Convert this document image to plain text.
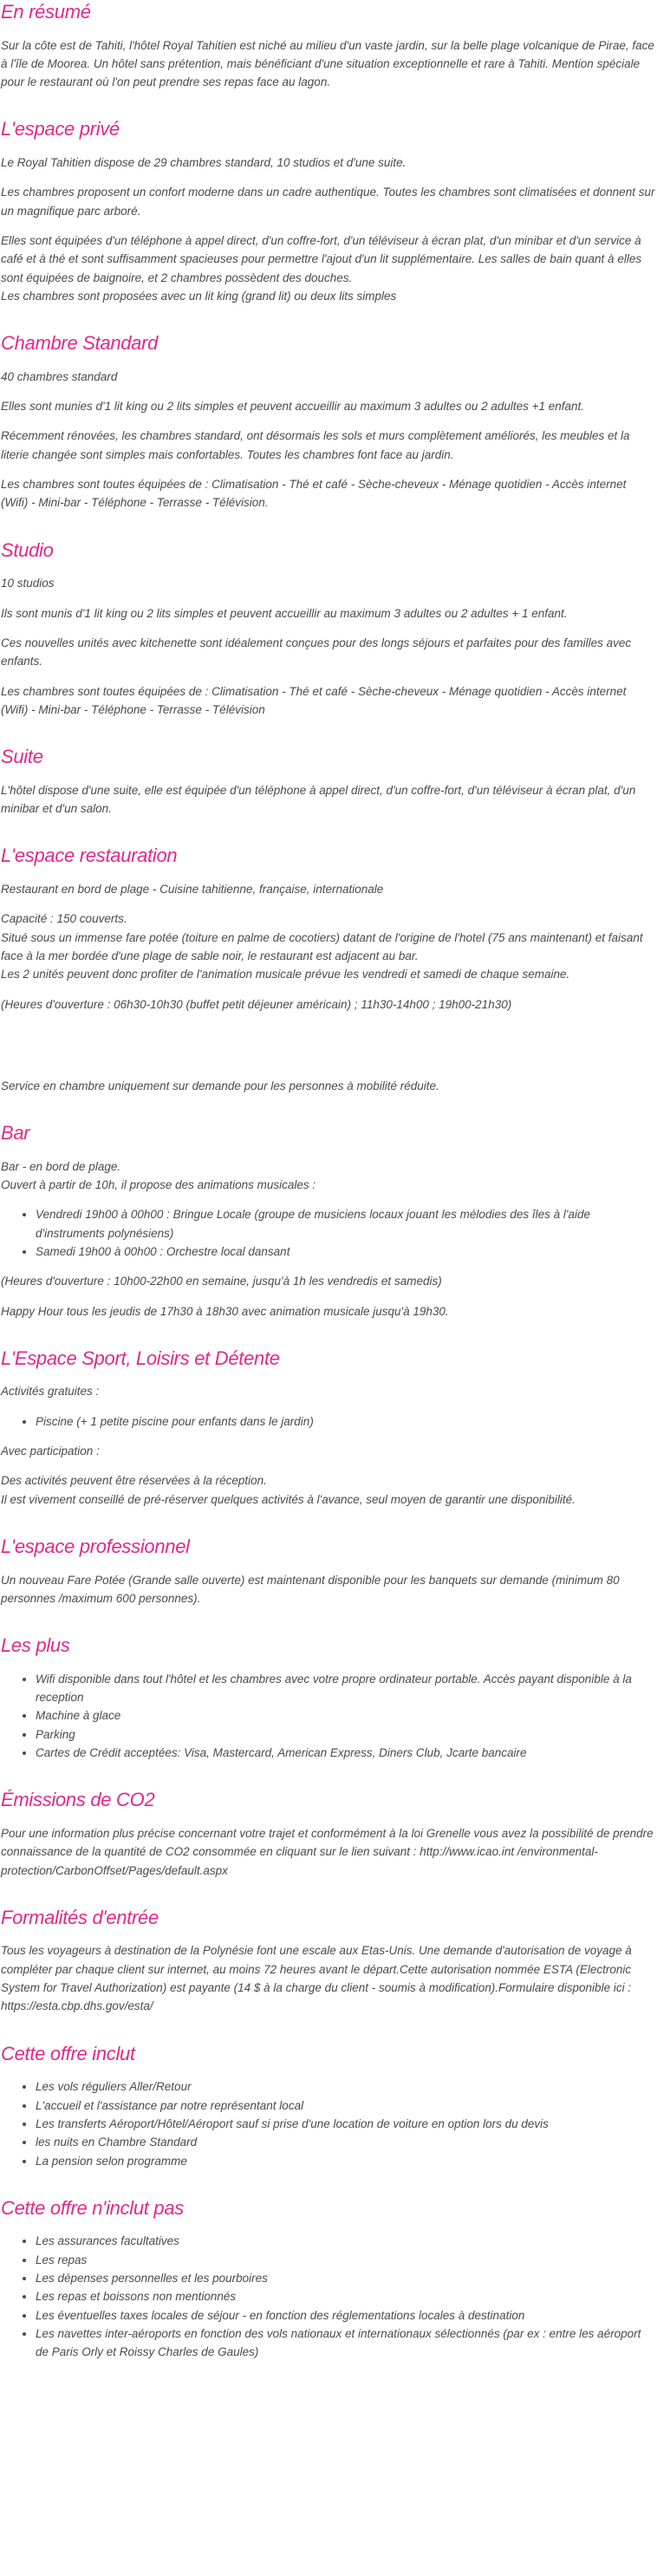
En résumé

Sur la côte est de Tahiti, l'hôtel Royal Tahitien est niché au milieu d'un vaste jardin, sur la belle plage volcanique de Pirae, face à l'île de Moorea. Un hôtel sans prétention, mais bénéficiant d'une situation exceptionnelle et rare à Tahiti. Mention spéciale pour le restaurant où l'on peut prendre ses repas face au lagon.

L'espace privé

Le Royal Tahitien dispose de 29 chambres standard, 10 studios et d'une suite.

Les chambres proposent un confort moderne dans un cadre authentique. Toutes les chambres sont climatisées et donnent sur un magnifique parc arboré.

Elles sont équipées d'un téléphone à appel direct, d'un coffre-fort, d'un téléviseur à écran plat, d'un minibar et d'un service à café et à thé et sont suffisamment spacieuses pour permettre l'ajout d'un lit supplémentaire. Les salles de bain quant à elles sont équipées de baignoire, et 2 chambres possèdent des douches.

Les chambres sont proposées avec un lit king (grand lit) ou deux lits simples

Chambre Standard

40 chambres standard

Elles sont munies d'1 lit king ou 2 lits simples et peuvent accueillir au maximum 3 adultes ou 2 adultes +1 enfant.

Récemment rénovées, les chambres standard, ont désormais les sols et murs complètement améliorés, les meubles et la literie changée sont simples mais confortables. Toutes les chambres font face au jardin.

Les chambres sont toutes équipées de : Climatisation - Thé et café - Sèche-cheveux - Ménage quotidien - Accès internet (Wifi) - Mini-bar - Téléphone - Terrasse - Télévision.

Studio

10 studios

Ils sont munis d'1 lit king ou 2 lits simples et peuvent accueillir au maximum 3 adultes ou 2 adultes + 1 enfant.

Ces nouvelles unités avec kitchenette sont idéalement conçues pour des longs séjours et parfaites pour des familles avec enfants.

Les chambres sont toutes équipées de : Climatisation - Thé et café - Sèche-cheveux - Ménage quotidien - Accès internet (Wifi) - Mini-bar - Téléphone - Terrasse - Télévision

Suite

L'hôtel dispose d'une suite, elle est équipée d'un téléphone à appel direct, d'un coffre-fort, d'un téléviseur à écran plat, d'un minibar et d'un salon.

L'espace restauration

Restaurant en bord de plage - Cuisine tahitienne, française, internationale

Capacité : 150 couverts.

Situé sous un immense fare potée (toiture en palme de cocotiers) datant de l'origine de l'hotel (75 ans maintenant) et faisant face à la mer bordée d'une plage de sable noir, le restaurant est adjacent au bar.

Les 2 unités peuvent donc profiter de l'animation musicale prévue les vendredi et samedi de chaque semaine.

(Heures d'ouverture : 06h30-10h30 (buffet petit déjeuner américain) ; 11h30-14h00 ; 19h00-21h30)

Service en chambre uniquement sur demande pour les personnes à mobilité réduite.

Bar

Bar - en bord de plage.

Ouvert à partir de 10h, il propose des animations musicales :

• Vendredi 19h00 à 00h00 : Bringue Locale (groupe de musiciens locaux jouant les mélodies des îles à l'aide d'instruments polynésiens)
• Samedi 19h00 à 00h00 : Orchestre local dansant

(Heures d'ouverture : 10h00-22h00 en semaine, jusqu'à 1h les vendredis et samedis)

Happy Hour tous les jeudis de 17h30 à 18h30 avec animation musicale jusqu'à 19h30.

L'Espace Sport, Loisirs et Détente

Activités gratuites :

• Piscine (+ 1 petite piscine pour enfants dans le jardin)

Avec participation :

Des activités peuvent être réservées à la réception.

Il est vivement conseillé de pré-réserver quelques activités à l'avance, seul moyen de garantir une disponibilité.

L'espace professionnel

Un nouveau Fare Potée (Grande salle ouverte) est maintenant disponible pour les banquets sur demande (minimum 80 personnes /maximum 600 personnes).

Les plus
• Wifi disponible dans tout l'hôtel et les chambres avec votre propre ordinateur portable. Accès payant disponible à la reception
• Machine à glace
• Parking
• Cartes de Crédit acceptées: Visa, Mastercard, American Express, Diners Club, Jcarte bancaire
Émissions de CO2

Pour une information plus précise concernant votre trajet et conformément à la loi Grenelle vous avez la possibilité de prendre connaissance de la quantité de CO2 consommée en cliquant sur le lien suivant : http://www.icao.int /environmental-protection/CarbonOffset/Pages/default.aspx

Formalités d'entrée

Tous les voyageurs à destination de la Polynésie font une escale aux Etas-Unis. Une demande d'autorisation de voyage à compléter par chaque client sur internet, au moins 72 heures avant le départ.Cette autorisation nommée ESTA (Electronic System for Travel Authorization) est payante (14 $ à la charge du client - soumis à modification).Formulaire disponible ici : https://esta.cbp.dhs.gov/esta/

Cette offre inclut
• Les vols réguliers Aller/Retour
• L'accueil et l'assistance par notre représentant local
• Les transferts Aéroport/Hôtel/Aéroport sauf si prise d'une location de voiture en option lors du devis
• les nuits en Chambre Standard
• La pension selon programme
Cette offre n'inclut pas
• Les assurances facultatives
• Les repas
• Les dépenses personnelles et les pourboires
• Les repas et boissons non mentionnés
• Les éventuelles taxes locales de séjour - en fonction des réglementations locales à destination
• Les navettes inter-aéroports en fonction des vols nationaux et internationaux sélectionnés (par ex : entre les aéroport de Paris Orly et Roissy Charles de Gaules)
